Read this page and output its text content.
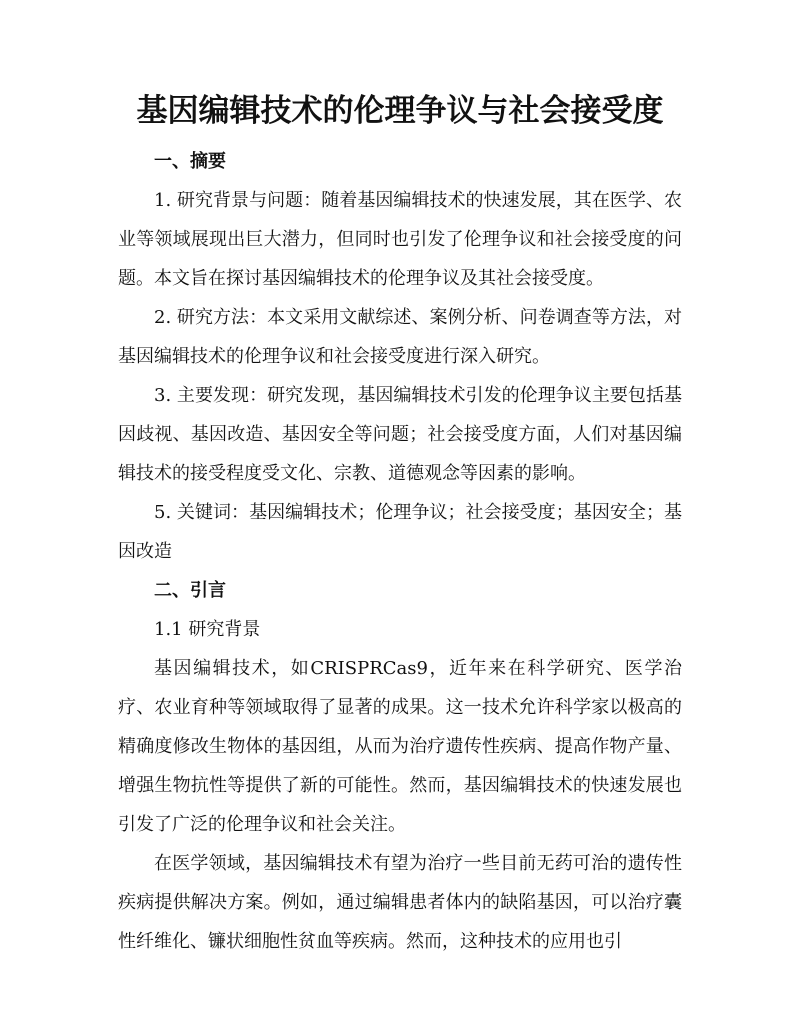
基因编辑技术的伦理争议与社会接受度

一、摘要

1. 研究背景与问题：随着基因编辑技术的快速发展，其在医学、农业等领域展现出巨大潜力，但同时也引发了伦理争议和社会接受度的问题。本文旨在探讨基因编辑技术的伦理争议及其社会接受度。

2. 研究方法：本文采用文献综述、案例分析、问卷调查等方法，对基因编辑技术的伦理争议和社会接受度进行深入研究。

3. 主要发现：研究发现，基因编辑技术引发的伦理争议主要包括基因歧视、基因改造、基因安全等问题；社会接受度方面，人们对基因编辑技术的接受程度受文化、宗教、道德观念等因素的影响。

5. 关键词：基因编辑技术；伦理争议；社会接受度；基因安全；基因改造

二、引言

1.1 研究背景

基因编辑技术，如CRISPRCas9，近年来在科学研究、医学治疗、农业育种等领域取得了显著的成果。这一技术允许科学家以极高的精确度修改生物体的基因组，从而为治疗遗传性疾病、提高作物产量、增强生物抗性等提供了新的可能性。然而，基因编辑技术的快速发展也引发了广泛的伦理争议和社会关注。

在医学领域，基因编辑技术有望为治疗一些目前无药可治的遗传性疾病提供解决方案。例如，通过编辑患者体内的缺陷基因，可以治疗囊性纤维化、镰状细胞性贫血等疾病。然而，这种技术的应用也引
